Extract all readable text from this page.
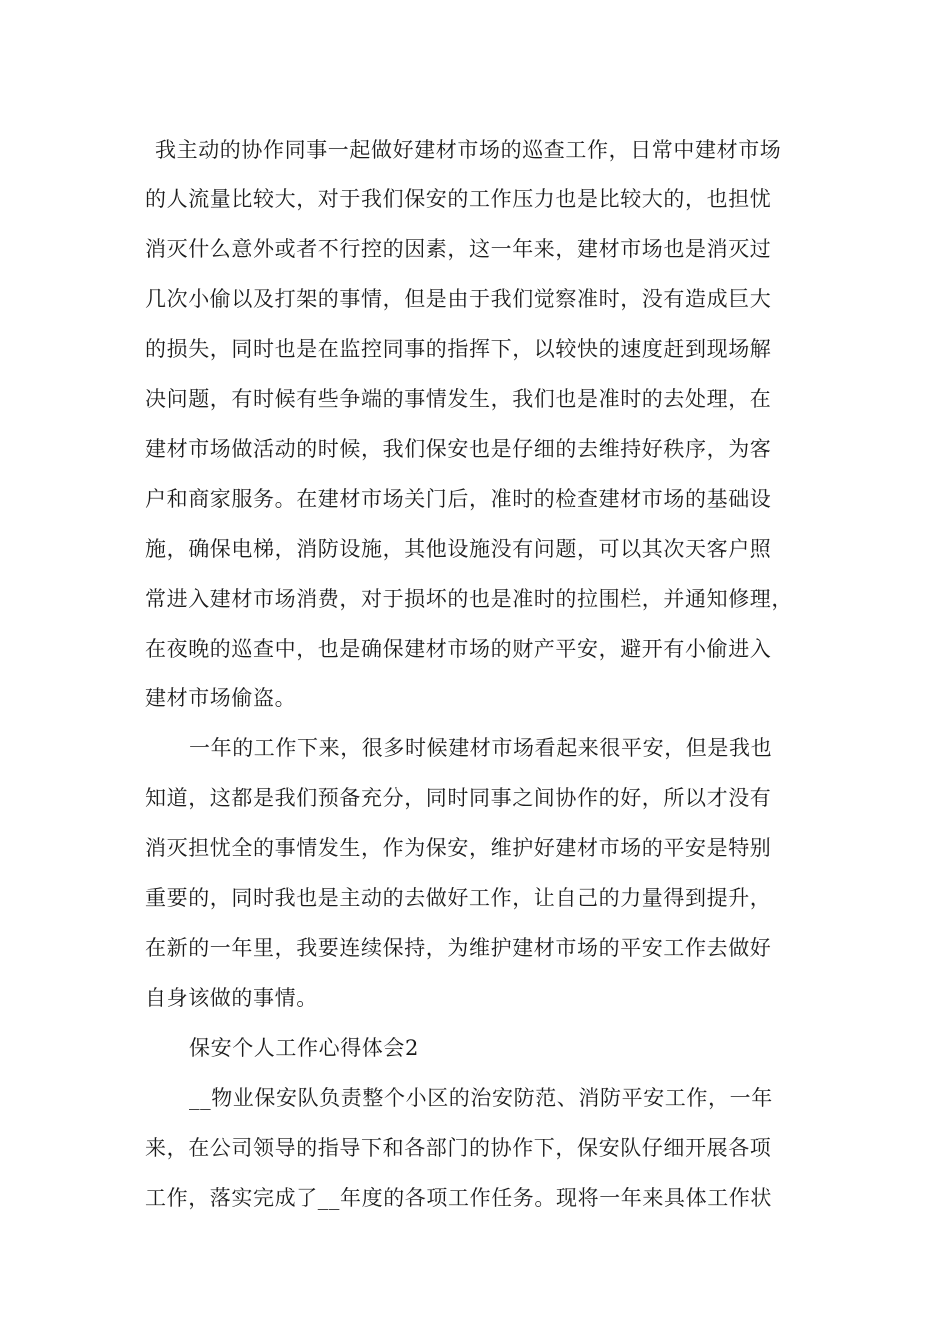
我主动的协作同事一起做好建材市场的巡查工作，日常中建材市场
的人流量比较大，对于我们保安的工作压力也是比较大的，也担忧
消灭什么意外或者不行控的因素，这一年来，建材市场也是消灭过
几次小偷以及打架的事情，但是由于我们觉察准时，没有造成巨大
的损失，同时也是在监控同事的指挥下，以较快的速度赶到现场解
决问题，有时候有些争端的事情发生，我们也是准时的去处理，在
建材市场做活动的时候，我们保安也是仔细的去维持好秩序，为客
户和商家服务。在建材市场关门后，准时的检查建材市场的基础设
施，确保电梯，消防设施，其他设施没有问题，可以其次天客户照
常进入建材市场消费，对于损坏的也是准时的拉围栏，并通知修理，
在夜晚的巡查中，也是确保建材市场的财产平安，避开有小偷进入
建材市场偷盗。
一年的工作下来，很多时候建材市场看起来很平安，但是我也
知道，这都是我们预备充分，同时同事之间协作的好，所以才没有
消灭担忧全的事情发生，作为保安，维护好建材市场的平安是特别
重要的，同时我也是主动的去做好工作，让自己的力量得到提升，
在新的一年里，我要连续保持，为维护建材市场的平安工作去做好
自身该做的事情。
保安个人工作心得体会2
__物业保安队负责整个小区的治安防范、消防平安工作，一年
来，在公司领导的指导下和各部门的协作下，保安队仔细开展各项
工作，落实完成了__年度的各项工作任务。现将一年来具体工作状
